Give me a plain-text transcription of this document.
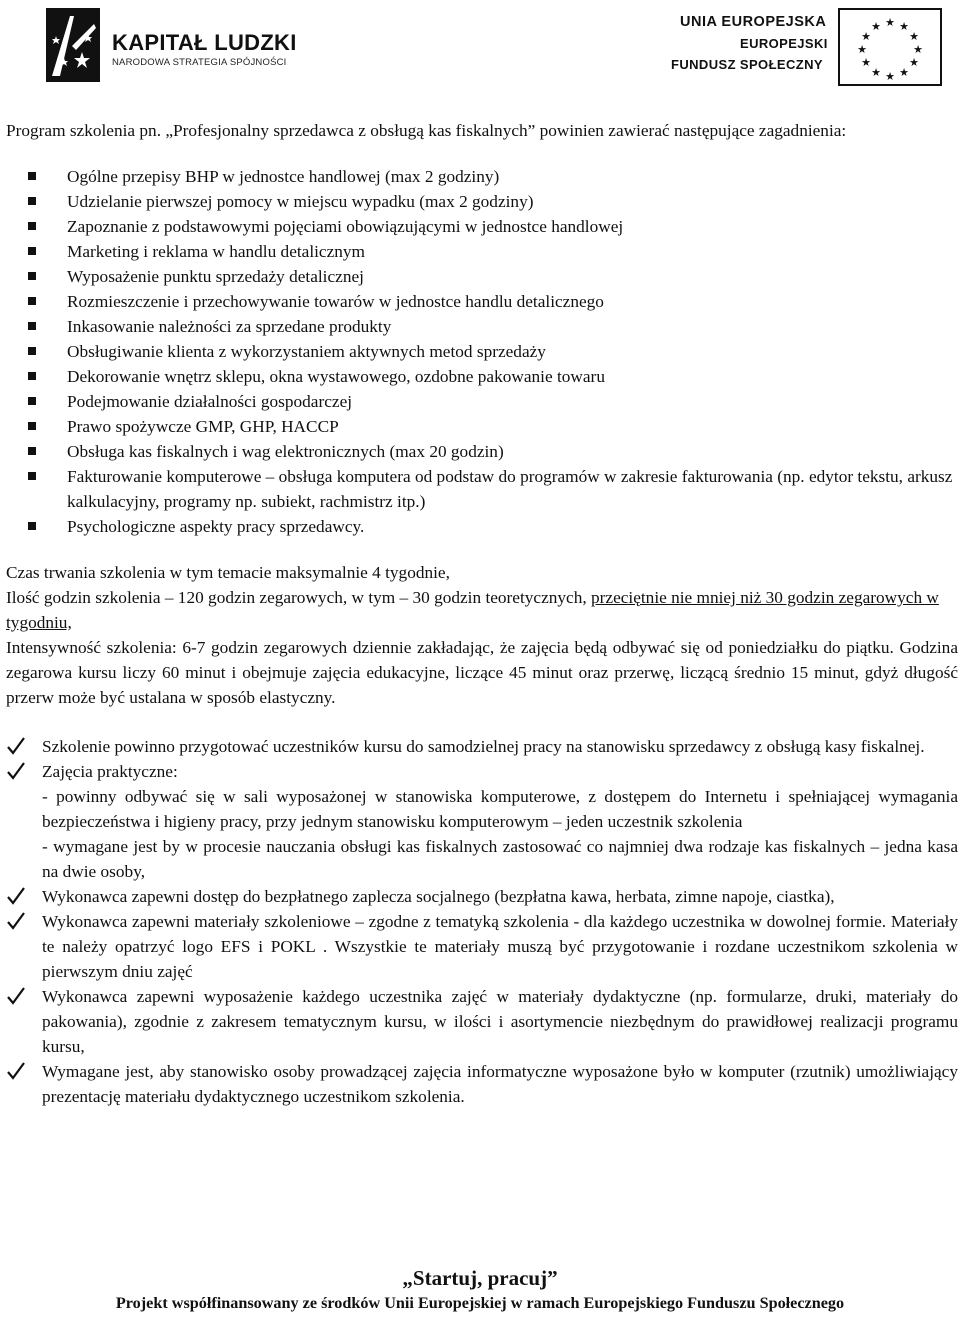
KAPITAŁ LUDZKI
NARODOWA STRATEGIA SPÓJNOŚCI
UNIA EUROPEJSKA
EUROPEJSKI
FUNDUSZ SPOŁECZNY
★ ★
★
★
★
★
★
★
★
★
★
★

Program szkolenia pn. „Profesjonalny sprzedawca z obsługą kas fiskalnych” powinien zawierać następujące zagadnienia:

Ogólne przepisy BHP w jednostce handlowej (max 2 godziny)
Udzielanie pierwszej pomocy w miejscu wypadku (max 2 godziny)
Zapoznanie z podstawowymi pojęciami obowiązującymi w jednostce handlowej
Marketing i reklama w handlu detalicznym
Wyposażenie punktu sprzedaży detalicznej
Rozmieszczenie i przechowywanie towarów w jednostce handlu detalicznego
Inkasowanie należności za sprzedane produkty
Obsługiwanie klienta z wykorzystaniem aktywnych metod sprzedaży
Dekorowanie wnętrz sklepu, okna wystawowego, ozdobne pakowanie towaru
Podejmowanie działalności gospodarczej
Prawo spożywcze GMP, GHP, HACCP
Obsługa kas fiskalnych i wag elektronicznych (max 20 godzin)
Fakturowanie komputerowe – obsługa komputera od podstaw do programów w zakresie fakturowania (np. edytor tekstu, arkusz kalkulacyjny, programy np. subiekt, rachmistrz itp.)
Psychologiczne aspekty pracy sprzedawcy.

Czas trwania szkolenia w tym temacie maksymalnie 4 tygodnie,

Ilość godzin szkolenia – 120 godzin zegarowych, w tym – 30 godzin teoretycznych, przeciętnie nie mniej niż 30 godzin zegarowych w tygodniu,

Intensywność szkolenia: 6-7 godzin zegarowych dziennie zakładając, że zajęcia będą odbywać się od poniedziałku do piątku. Godzina zegarowa kursu liczy 60 minut i obejmuje zajęcia edukacyjne, liczące 45 minut oraz przerwę, liczącą średnio 15 minut, gdyż długość przerw może być ustalana w sposób elastyczny.

Szkolenie powinno przygotować uczestników kursu do samodzielnej pracy na stanowisku sprzedawcy z obsługą kasy fiskalnej.
Zajęcia praktyczne:
- powinny odbywać się w sali wyposażonej w stanowiska komputerowe, z dostępem do Internetu i spełniającej wymagania bezpieczeństwa i higieny pracy, przy jednym stanowisku komputerowym – jeden uczestnik szkolenia
- wymagane jest by w procesie nauczania obsługi kas fiskalnych zastosować co najmniej dwa rodzaje kas fiskalnych – jedna kasa na dwie osoby,
Wykonawca zapewni dostęp do bezpłatnego zaplecza socjalnego (bezpłatna kawa, herbata, zimne napoje, ciastka),
Wykonawca zapewni materiały szkoleniowe – zgodne z tematyką szkolenia - dla każdego uczestnika w dowolnej formie. Materiały te należy opatrzyć logo EFS i POKL . Wszystkie te materiały muszą być przygotowanie i rozdane uczestnikom szkolenia w pierwszym dniu zajęć
Wykonawca zapewni wyposażenie każdego uczestnika zajęć w materiały dydaktyczne (np. formularze, druki, materiały do pakowania), zgodnie z zakresem tematycznym kursu, w ilości i asortymencie niezbędnym do prawidłowej realizacji programu kursu,
Wymagane jest, aby stanowisko osoby prowadzącej zajęcia informatyczne wyposażone było w komputer (rzutnik) umożliwiający prezentację materiału dydaktycznego uczestnikom szkolenia.
„Startuj, pracuj”
Projekt współfinansowany ze środków Unii Europejskiej w ramach Europejskiego Funduszu Społecznego
